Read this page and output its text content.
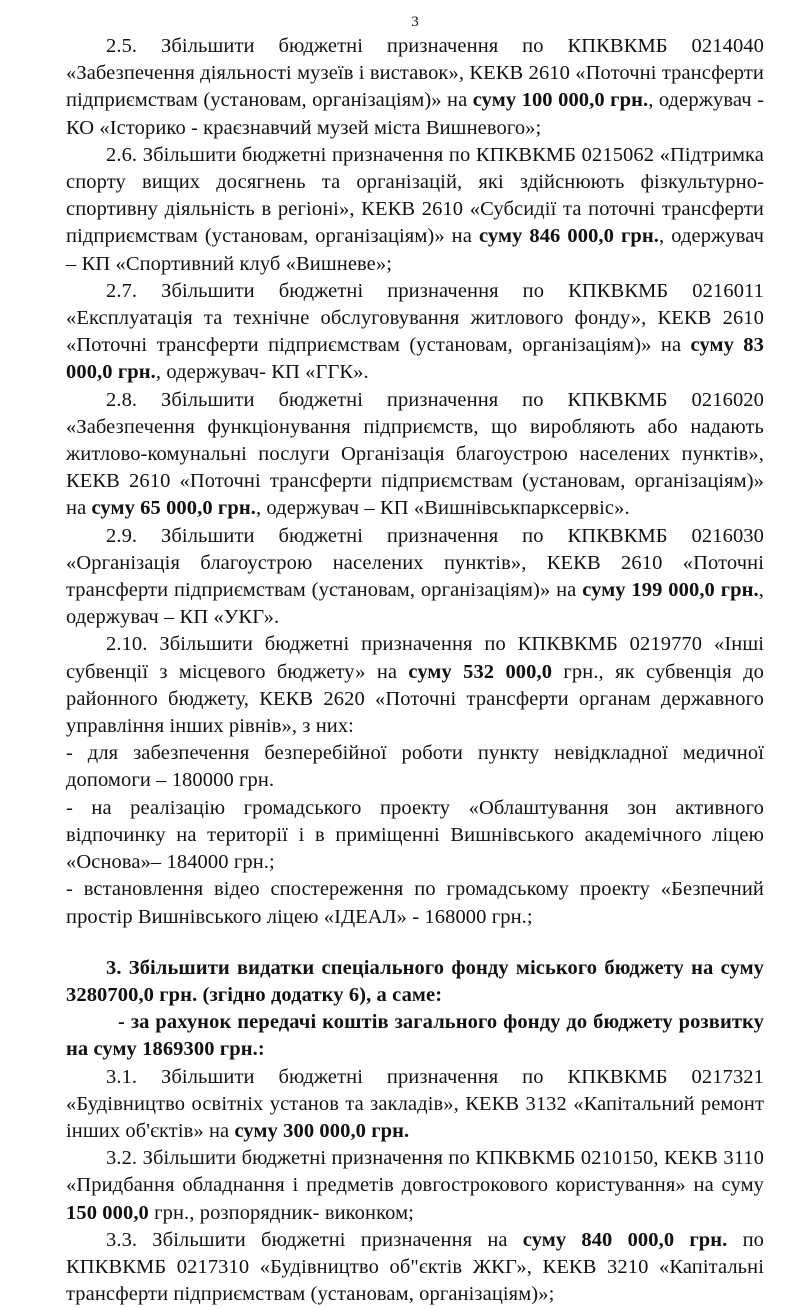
3

2.5. Збільшити бюджетні призначення по КПКВКМБ 0214040 «Забезпечення діяльності музеїв і виставок», КЕКВ 2610 «Поточні трансферти підприємствам (установам, організаціям)» на суму 100 000,0 грн., одержувач - КО «Історико - краєзнавчий музей міста Вишневого»;

2.6. Збільшити бюджетні призначення по КПКВКМБ 0215062 «Підтримка спорту вищих досягнень та організацій, які здійснюють фізкультурно-спортивну діяльність в регіоні», КЕКВ 2610 «Субсидії та поточні трансферти підприємствам (установам, організаціям)» на суму 846 000,0 грн., одержувач – КП «Спортивний клуб «Вишневе»;

2.7. Збільшити бюджетні призначення по КПКВКМБ 0216011 «Експлуатація та технічне обслуговування житлового фонду», КЕКВ 2610 «Поточні трансферти підприємствам (установам, організаціям)» на суму 83 000,0 грн., одержувач- КП «ГГК».

2.8. Збільшити бюджетні призначення по КПКВКМБ 0216020 «Забезпечення функціонування підприємств, що виробляють або надають житлово-комунальні послуги Організація благоустрою населених пунктів», КЕКВ 2610 «Поточні трансферти підприємствам (установам, організаціям)» на суму 65 000,0 грн., одержувач – КП «Вишнівськпарксервіс».

2.9. Збільшити бюджетні призначення по КПКВКМБ 0216030 «Організація благоустрою населених пунктів», КЕКВ 2610 «Поточні трансферти підприємствам (установам, організаціям)» на суму 199 000,0 грн., одержувач – КП «УКГ».

2.10. Збільшити бюджетні призначення по КПКВКМБ 0219770 «Інші субвенції з місцевого бюджету» на суму 532 000,0 грн., як субвенція до районного бюджету, КЕКВ 2620 «Поточні трансферти органам державного управління інших рівнів», з них:

- для забезпечення безперебійної роботи пункту невідкладної медичної допомоги – 180000 грн.

- на реалізацію громадського проекту «Облаштування зон активного відпочинку на території і в приміщенні Вишнівського академічного ліцею «Основа»– 184000 грн.;

- встановлення відео спостереження по громадському проекту «Безпечний простір Вишнівського ліцею «ІДЕАЛ» - 168000 грн.;

3. Збільшити видатки спеціального фонду міського бюджету на суму 3280700,0 грн. (згідно додатку 6), а саме:

- за рахунок передачі коштів загального фонду до бюджету розвитку на суму 1869300 грн.:

3.1. Збільшити бюджетні призначення по КПКВКМБ 0217321 «Будівництво освітніх установ та закладів», КЕКВ 3132 «Капітальний ремонт інших об'єктів» на суму 300 000,0 грн.

3.2. Збільшити бюджетні призначення по КПКВКМБ 0210150, КЕКВ 3110 «Придбання обладнання і предметів довгострокового користування» на суму 150 000,0 грн., розпорядник- виконком;

3.3. Збільшити бюджетні призначення на суму 840 000,0 грн. по КПКВКМБ 0217310 «Будівництво об"єктів ЖКГ», КЕКВ 3210 «Капітальні трансферти підприємствам (установам, організаціям)»;
